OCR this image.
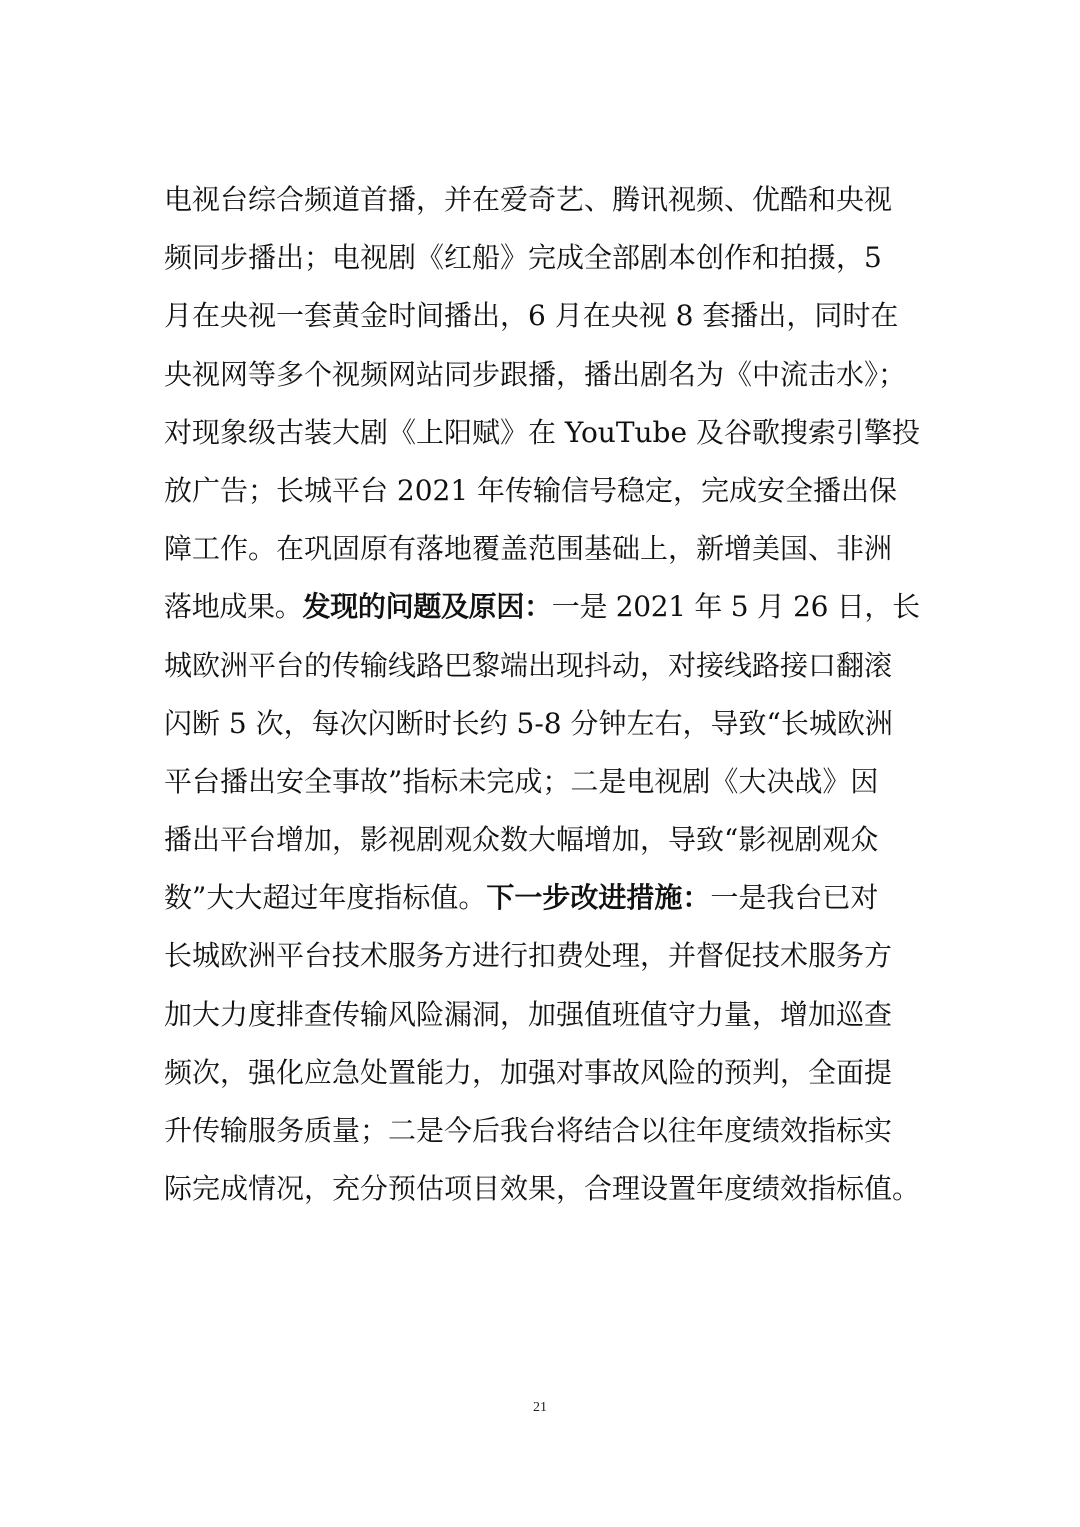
电视台综合频道首播，并在爱奇艺、腾讯视频、优酷和央视
频同步播出；电视剧《红船》完成全部剧本创作和拍摄，5
月在央视一套黄金时间播出，6 月在央视 8 套播出，同时在
央视网等多个视频网站同步跟播，播出剧名为《中流击水》；
对现象级古装大剧《上阳赋》在 YouTube 及谷歌搜索引擎投
放广告；长城平台 2021 年传输信号稳定，完成安全播出保
障工作。在巩固原有落地覆盖范围基础上，新增美国、非洲
落地成果。发现的问题及原因：一是 2021 年 5 月 26 日，长
城欧洲平台的传输线路巴黎端出现抖动，对接线路接口翻滚
闪断 5 次，每次闪断时长约 5-8 分钟左右，导致“长城欧洲
平台播出安全事故”指标未完成；二是电视剧《大决战》因
播出平台增加，影视剧观众数大幅增加，导致“影视剧观众
数”大大超过年度指标值。下一步改进措施：一是我台已对
长城欧洲平台技术服务方进行扣费处理，并督促技术服务方
加大力度排查传输风险漏洞，加强值班值守力量，增加巡查
频次，强化应急处置能力，加强对事故风险的预判，全面提
升传输服务质量；二是今后我台将结合以往年度绩效指标实
际完成情况，充分预估项目效果，合理设置年度绩效指标值。
21
